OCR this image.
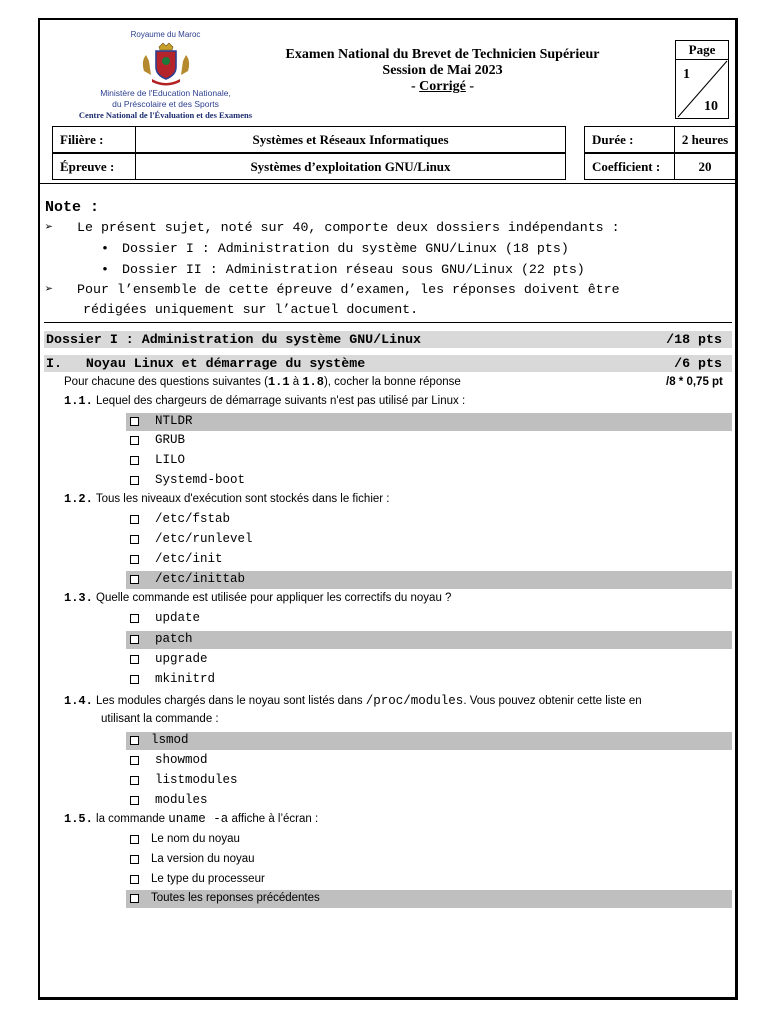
Royaume du Maroc
Ministère de l'Education Nationale,
du Préscolaire et des Sports
Centre National de l'Évaluation et des Examens
Examen National du Brevet de Technicien Supérieur
Session de Mai 2023
- Corrigé -
Page
1
10
Filière :	Systèmes et Réseaux Informatiques
Épreuve :	Systèmes d’exploitation GNU/Linux
Durée :	2 heures
Coefficient :	20
Note :
➢ Le présent sujet, noté sur 40, comporte deux dossiers indépendants :
• Dossier I : Administration du système GNU/Linux (18 pts)
• Dossier II : Administration réseau sous GNU/Linux (22 pts)
➢ Pour l’ensemble de cette épreuve d’examen, les réponses doivent être
rédigées uniquement sur l’actuel document.
Dossier I : Administration du système GNU/Linux	/18 pts
I.   Noyau Linux et démarrage du système	/6 pts
Pour chacune des questions suivantes (1.1 à 1.8), cocher la bonne réponse	/8 * 0,75 pt
1.1. Lequel des chargeurs de démarrage suivants n'est pas utilisé par Linux :
NTLDR
GRUB
LILO
Systemd-boot
1.2. Tous les niveaux d'exécution sont stockés dans le fichier :
/etc/fstab
/etc/runlevel
/etc/init
/etc/inittab
1.3. Quelle commande est utilisée pour appliquer les correctifs du noyau ?
update
patch
upgrade
mkinitrd
1.4. Les modules chargés dans le noyau sont listés dans /proc/modules. Vous pouvez obtenir cette liste en
utilisant la commande :
lsmod
showmod
listmodules
modules
1.5. la commande uname -a affiche à l’écran :
Le nom du noyau
La version du noyau
Le type du processeur
Toutes les reponses précédentes
